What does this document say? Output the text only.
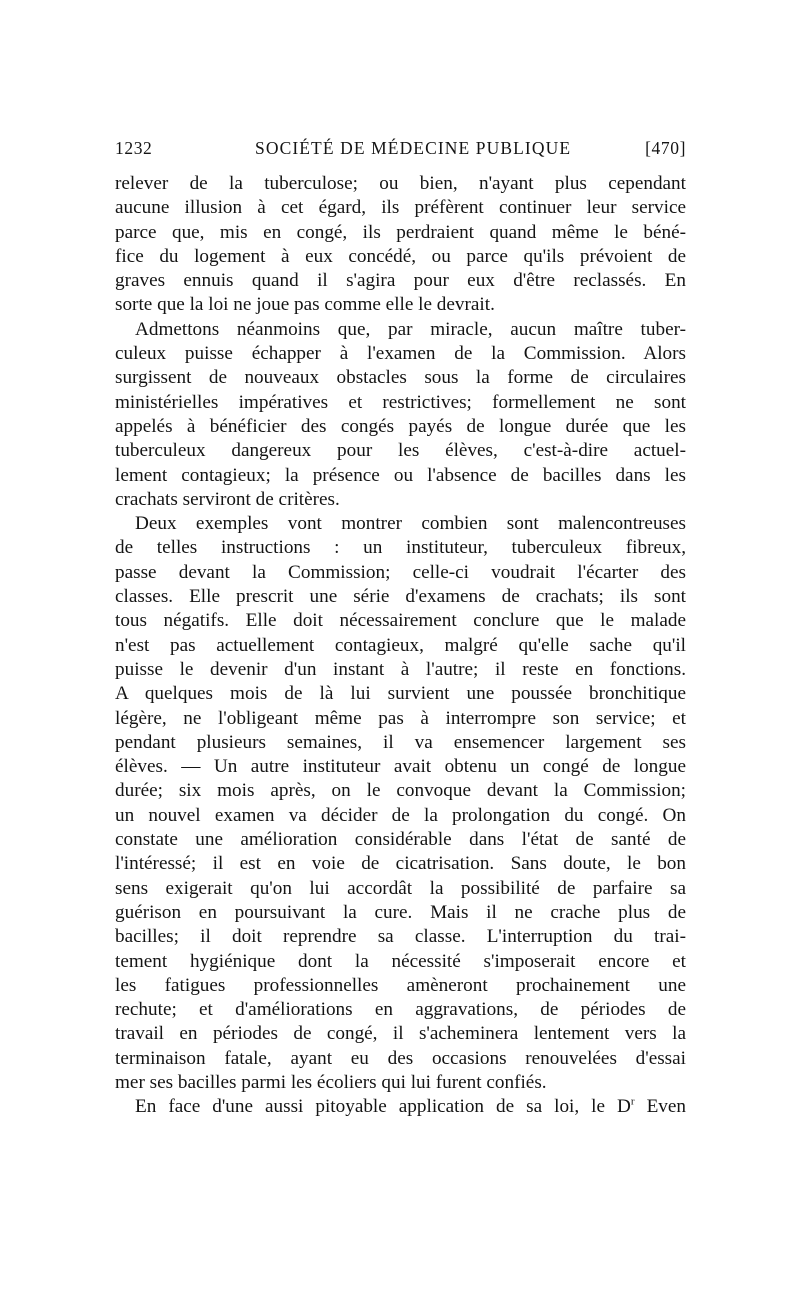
1232	SOCIÉTÉ DE MÉDECINE PUBLIQUE	[470]

relever de la tuberculose; ou bien, n'ayant plus cependant

aucune illusion à cet égard, ils préfèrent continuer leur service

parce que, mis en congé, ils perdraient quand même le béné-

fice du logement à eux concédé, ou parce qu'ils prévoient de

graves ennuis quand il s'agira pour eux d'être reclassés. En

sorte que la loi ne joue pas comme elle le devrait.

Admettons néanmoins que, par miracle, aucun maître tuber-

culeux puisse échapper à l'examen de la Commission. Alors

surgissent de nouveaux obstacles sous la forme de circulaires

ministérielles impératives et restrictives; formellement ne sont

appelés à bénéficier des congés payés de longue durée que les

tuberculeux dangereux pour les élèves, c'est-à-dire actuel-

lement contagieux; la présence ou l'absence de bacilles dans les

crachats serviront de critères.

Deux exemples vont montrer combien sont malencontreuses

de telles instructions : un instituteur, tuberculeux fibreux,

passe devant la Commission; celle-ci voudrait l'écarter des

classes. Elle prescrit une série d'examens de crachats; ils sont

tous négatifs. Elle doit nécessairement conclure que le malade

n'est pas actuellement contagieux, malgré qu'elle sache qu'il

puisse le devenir d'un instant à l'autre; il reste en fonctions.

A quelques mois de là lui survient une poussée bronchitique

légère, ne l'obligeant même pas à interrompre son service; et

pendant plusieurs semaines, il va ensemencer largement ses

élèves. — Un autre instituteur avait obtenu un congé de longue

durée; six mois après, on le convoque devant la Commission;

un nouvel examen va décider de la prolongation du congé. On

constate une amélioration considérable dans l'état de santé de

l'intéressé; il est en voie de cicatrisation. Sans doute, le bon

sens exigerait qu'on lui accordât la possibilité de parfaire sa

guérison en poursuivant la cure. Mais il ne crache plus de

bacilles; il doit reprendre sa classe. L'interruption du trai-

tement hygiénique dont la nécessité s'imposerait encore et

les fatigues professionnelles amèneront prochainement une

rechute; et d'améliorations en aggravations, de périodes de

travail en périodes de congé, il s'acheminera lentement vers la

terminaison fatale, ayant eu des occasions renouvelées d'essai

mer ses bacilles parmi les écoliers qui lui furent confiés.

En face d'une aussi pitoyable application de sa loi, le $D^r$ Even
